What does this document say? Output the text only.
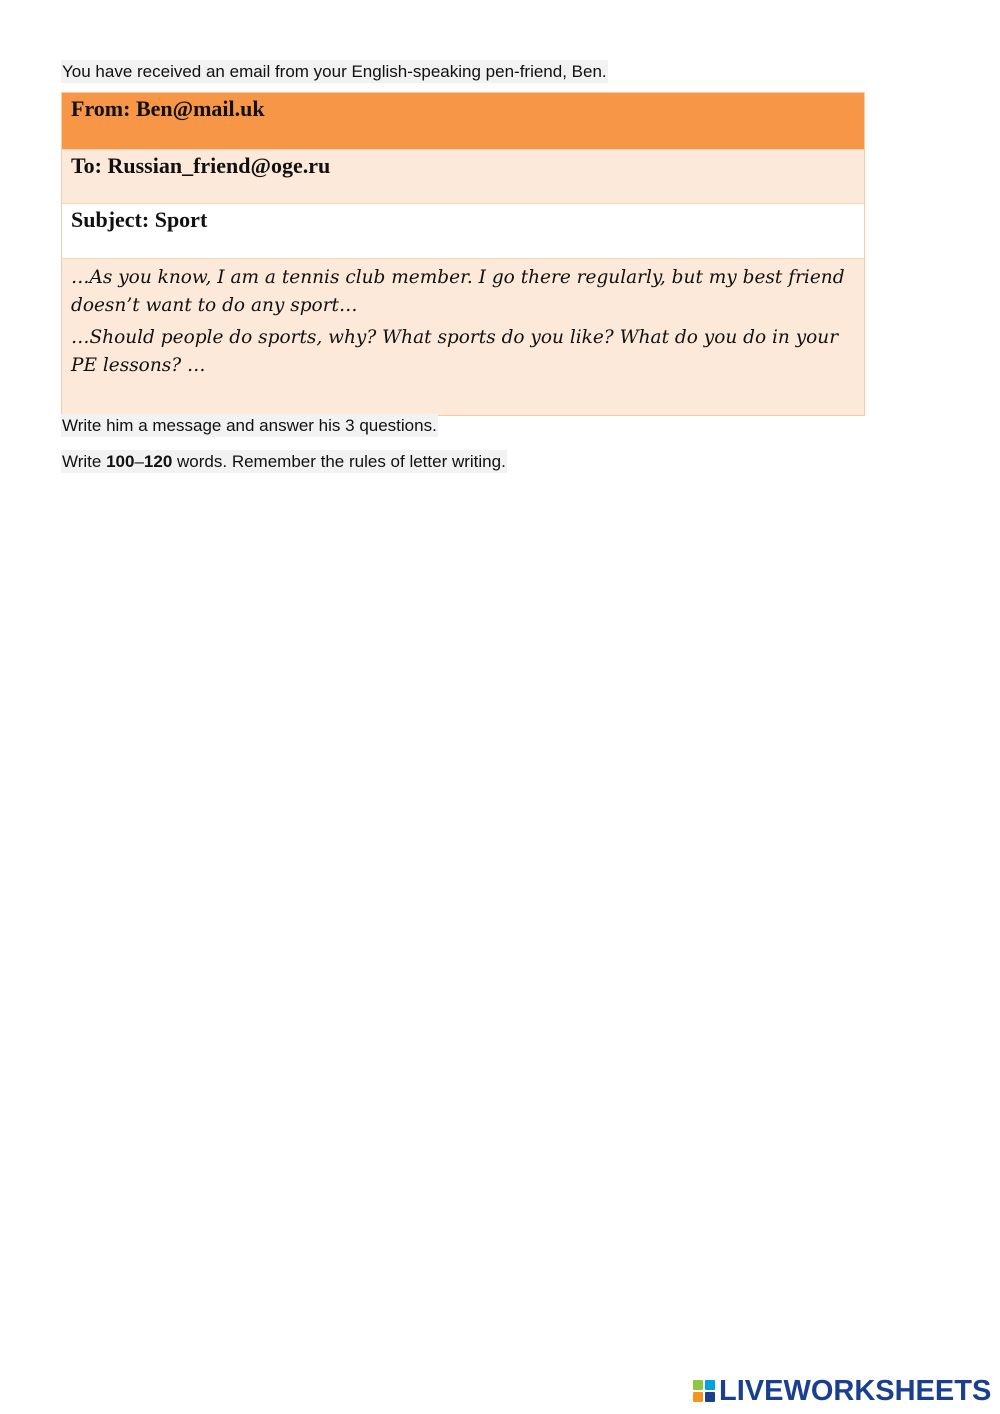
You have received an email from your English-speaking pen-friend, Ben.
From: Ben@mail.uk
To: Russian_friend@oge.ru
Subject: Sport

…As you know, I am a tennis club member. I go there regularly, but my best friend doesn’t want to do any sport…

…Should people do sports, why? What sports do you like? What do you do in your PE lessons? …

Write him a message and answer his 3 questions.
Write 100–120 words. Remember the rules of letter writing.
LIVEWORKSHEETS
